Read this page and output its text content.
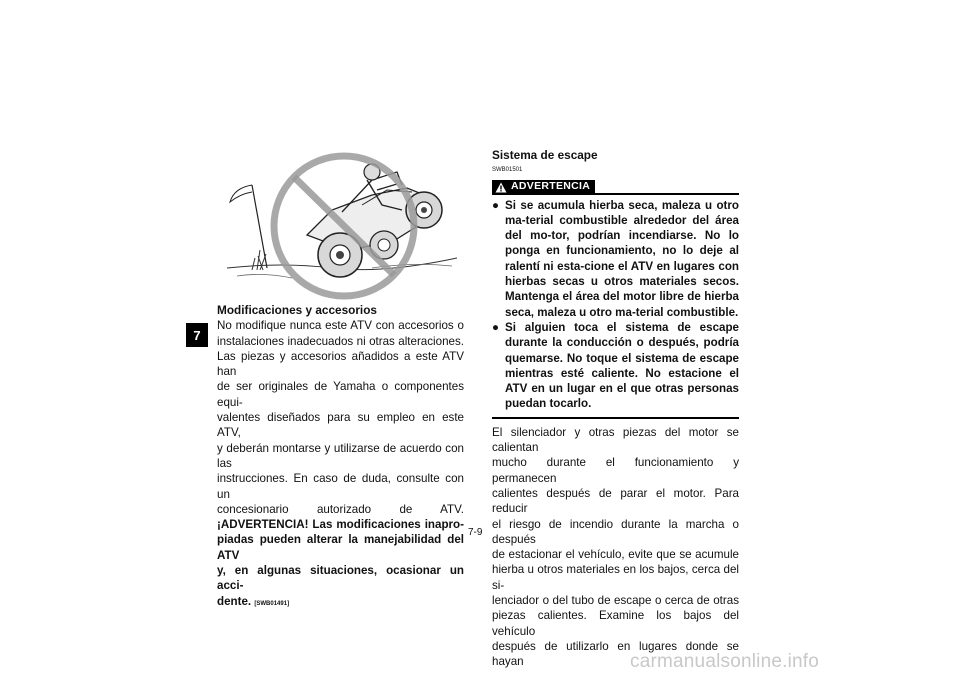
7
Modificaciones y accesorios
No modifique nunca este ATV con accesorios o
instalaciones inadecuados ni otras alteraciones.
Las piezas y accesorios añadidos a este ATV han
de ser originales de Yamaha o componentes equi-
valentes diseñados para su empleo en este ATV,
y deberán montarse y utilizarse de acuerdo con las
instrucciones. En caso de duda, consulte con un
concesionario autorizado de ATV.
¡ADVERTENCIA! Las modificaciones inapro-
piadas pueden alterar la manejabilidad del ATV
y, en algunas situaciones, ocasionar un acci-
dente. [SWB01491]
Sistema de escape
SWB01501
ADVERTENCIA
● Si se acumula hierba seca, maleza u otro ma-terial combustible alrededor del área del mo-tor, podrían incendiarse. No lo ponga en funcionamiento, no lo deje al ralentí ni esta-cione el ATV en lugares con hierbas secas u otros materiales secos. Mantenga el área del motor libre de hierba seca, maleza u otro ma-terial combustible.
● Si alguien toca el sistema de escape durante la conducción o después, podría quemarse. No toque el sistema de escape mientras esté caliente. No estacione el ATV en un lugar en el que otras personas puedan tocarlo.
El silenciador y otras piezas del motor se calientan
mucho durante el funcionamiento y permanecen
calientes después de parar el motor. Para reducir
el riesgo de incendio durante la marcha o después
de estacionar el vehículo, evite que se acumule
hierba u otros materiales en los bajos, cerca del si-
lenciador o del tubo de escape o cerca de otras
piezas calientes. Examine los bajos del vehículo
después de utilizarlo en lugares donde se hayan
7-9
carmanualsonline.info
